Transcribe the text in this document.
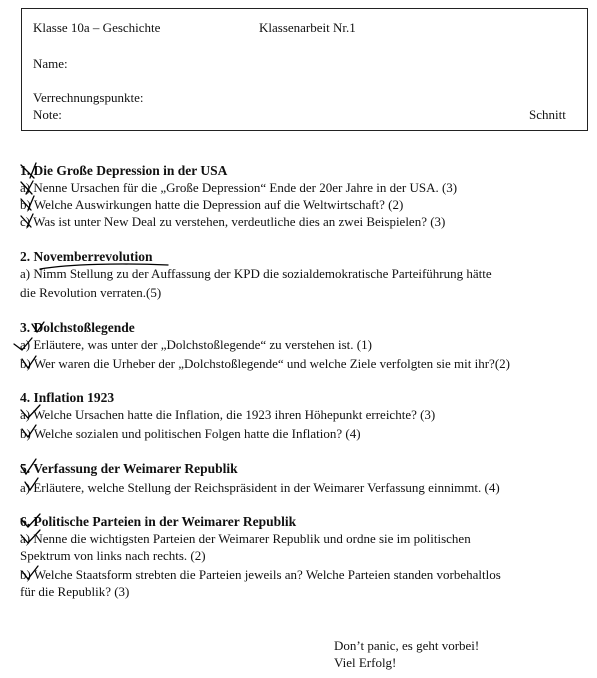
Klasse 10a – Geschichte	Klassenarbeit Nr.1
Name:
Verrechnungspunkte:
Note:	Schnitt
1. Die Große Depression in der USA
a) Nenne Ursachen für die „Große Depression“ Ende der 20er Jahre in der USA. (3)
b) Welche Auswirkungen hatte die Depression auf die Weltwirtschaft? (2)
c) Was ist unter New Deal zu verstehen, verdeutliche dies an zwei Beispielen? (3)
2. Novemberrevolution
a) Nimm Stellung zu der Auffassung der KPD die sozialdemokratische Parteiführung hätte
die Revolution verraten.(5)
3. Dolchstoßlegende
a) Erläutere, was unter der „Dolchstoßlegende“ zu verstehen ist. (1)
b) Wer waren die Urheber der „Dolchstoßlegende“ und welche Ziele verfolgten sie mit ihr?(2)
4. Inflation 1923
a) Welche Ursachen hatte die Inflation, die 1923 ihren Höhepunkt erreichte? (3)
b) Welche sozialen und politischen Folgen hatte die Inflation? (4)
5. Verfassung der Weimarer Republik
a) Erläutere, welche Stellung der Reichspräsident in der Weimarer Verfassung einnimmt. (4)
6. Politische Parteien in der Weimarer Republik
a) Nenne die wichtigsten Parteien der Weimarer Republik und ordne sie im politischen
Spektrum von links nach rechts. (2)
b) Welche Staatsform strebten die Parteien jeweils an? Welche Parteien standen vorbehaltlos
für die Republik? (3)
Don’t panic, es geht vorbei!
Viel Erfolg!
